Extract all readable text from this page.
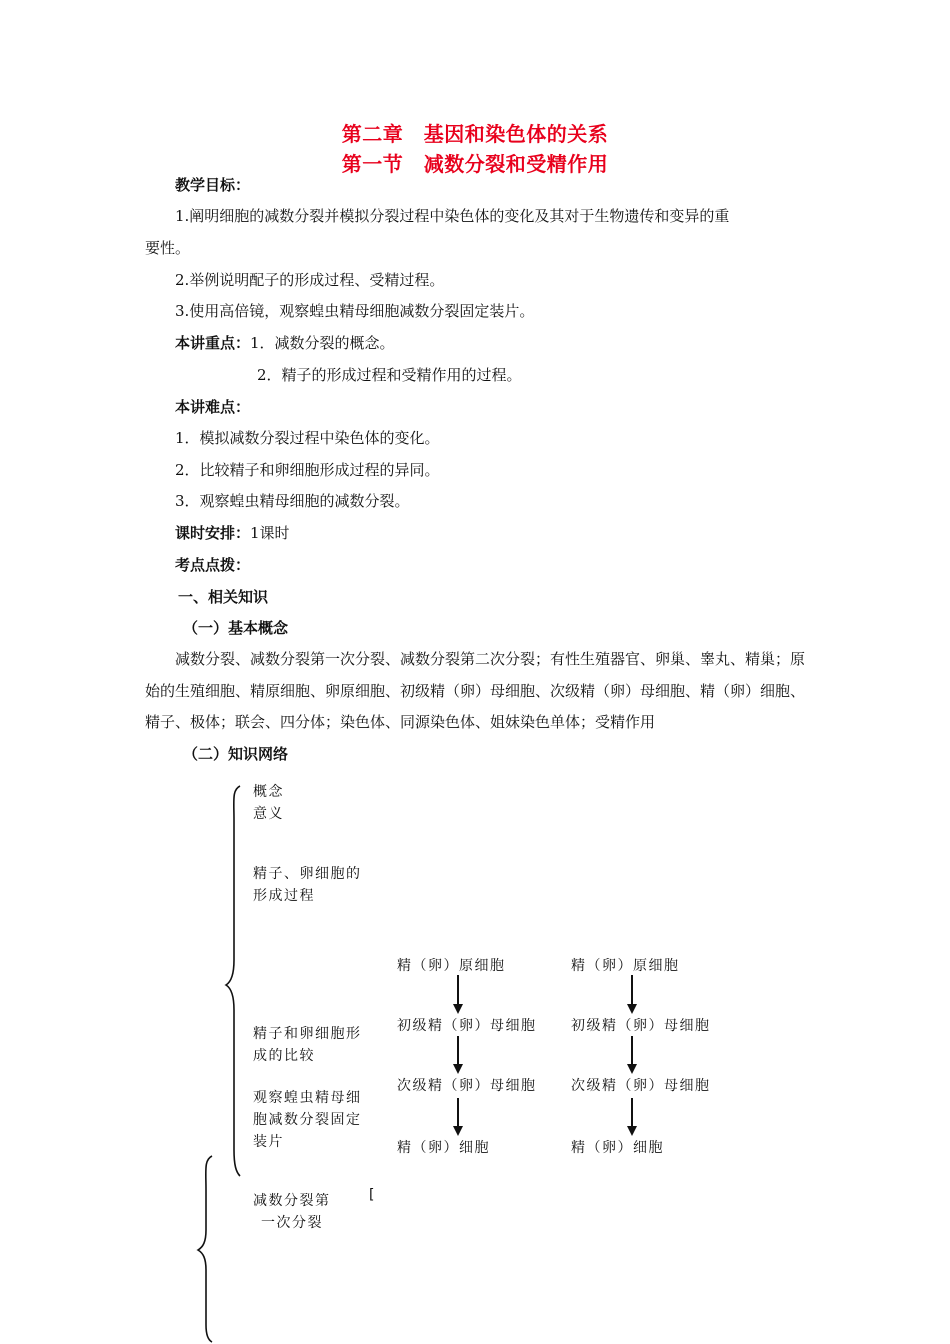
第二章　基因和染色体的关系
第一节　减数分裂和受精作用
教学目标：
1.阐明细胞的减数分裂并模拟分裂过程中染色体的变化及其对于生物遗传和变异的重
要性。
2.举例说明配子的形成过程、受精过程。
3.使用高倍镜，观察蝗虫精母细胞减数分裂固定装片。
本讲重点：1．减数分裂的概念。
2．精子的形成过程和受精作用的过程。
本讲难点：
1．模拟减数分裂过程中染色体的变化。
2．比较精子和卵细胞形成过程的异同。
3．观察蝗虫精母细胞的减数分裂。
课时安排：1课时
考点点拨：
一、相关知识
（一）基本概念
减数分裂、减数分裂第一次分裂、减数分裂第二次分裂；有性生殖器官、卵巢、睾丸、精巢；原始的生殖细胞、精原细胞、卵原细胞、初级精（卵）母细胞、次级精（卵）母细胞、精（卵）细胞、精子、极体；联会、四分体；染色体、同源染色体、姐妹染色单体；受精作用
（二）知识网络
概念
意义
精子、卵细胞的
形成过程
精子和卵细胞形
成的比较
观察蝗虫精母细
胞减数分裂固定
装片
精（卵）原细胞
初级精（卵）母细胞
次级精（卵）母细胞
精（卵）细胞
精（卵）原细胞
初级精（卵）母细胞
次级精（卵）母细胞
精（卵）细胞
减数分裂第
一次分裂
[
